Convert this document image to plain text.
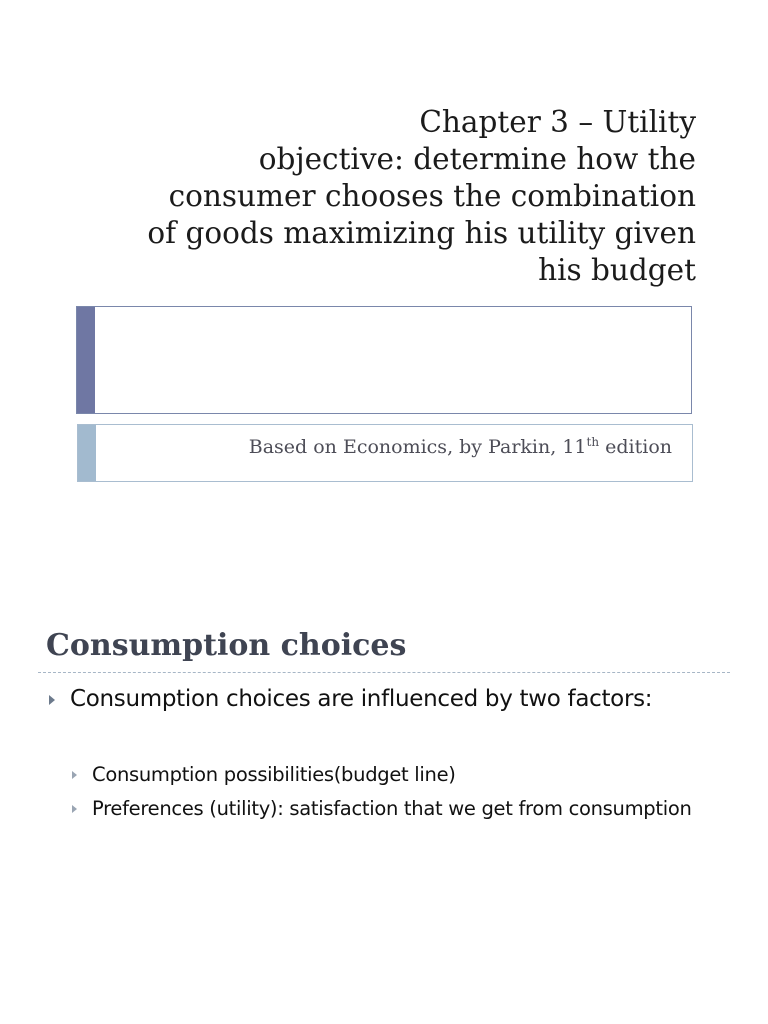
Chapter 3 – Utility
objective: determine how the
consumer chooses the combination
of goods maximizing his utility given
his budget
Based on Economics, by Parkin, 11th edition
Consumption choices
Consumption choices are influenced by two factors:
Consumption possibilities(budget line)
Preferences (utility): satisfaction that we get from consumption
